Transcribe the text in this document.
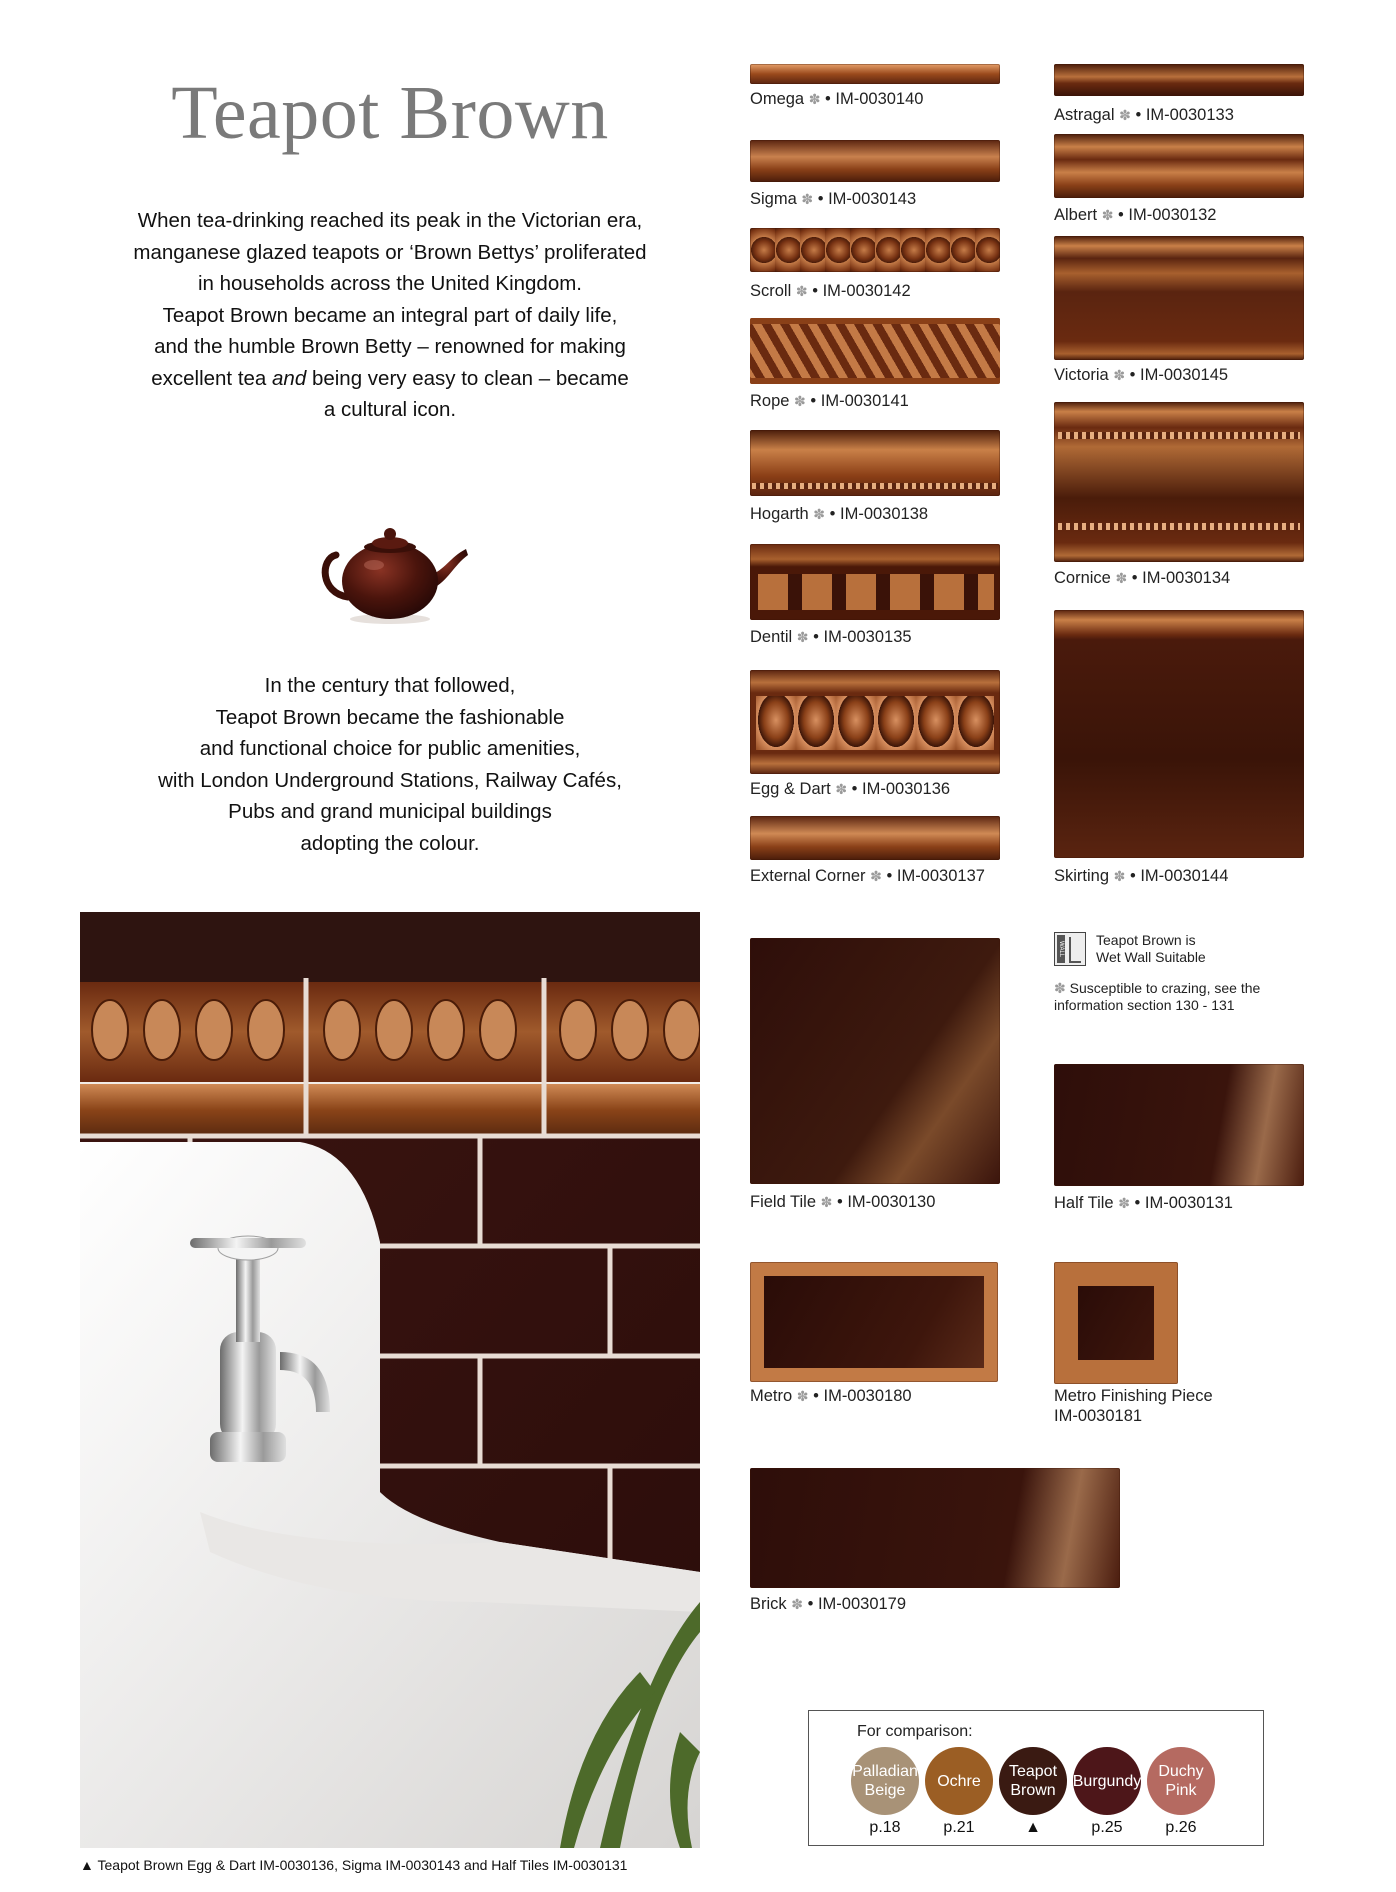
Teapot Brown

When tea-drinking reached its peak in the Victorian era,

manganese glazed teapots or ‘Brown Bettys’ proliferated

in households across the United Kingdom.

Teapot Brown became an integral part of daily life,

and the humble Brown Betty – renowned for making

excellent tea and being very easy to clean – became

a cultural icon.

In the century that followed,

Teapot Brown became the fashionable

and functional choice for public amenities,

with London Underground Stations, Railway Cafés,

Pubs and grand municipal buildings

adopting the colour.

▲ Teapot Brown Egg & Dart IM-0030136, Sigma IM-0030143 and Half Tiles IM-0030131
Omega ✽ • IM-0030140
Sigma ✽ • IM-0030143
Scroll ✽ • IM-0030142
Rope ✽ • IM-0030141
Hogarth ✽ • IM-0030138
Dentil ✽ • IM-0030135
Egg & Dart ✽ • IM-0030136
External Corner ✽ • IM-0030137
Astragal ✽ • IM-0030133
Albert ✽ • IM-0030132
Victoria ✽ • IM-0030145
Cornice ✽ • IM-0030134
Skirting ✽ • IM-0030144
WALL
Teapot Brown is
Wet Wall Suitable
✽ Susceptible to crazing, see the
information section 130 - 131
Field Tile ✽ • IM-0030130	Half Tile ✽ • IM-0030131
Metro ✽ • IM-0030180	Metro Finishing Piece
IM-0030181
Brick ✽ • IM-0030179
For comparison:
Palladian
Beige
p.18
Ochre
p.21
Teapot
Brown
▲
Burgundy
p.25
Duchy
Pink
p.26
